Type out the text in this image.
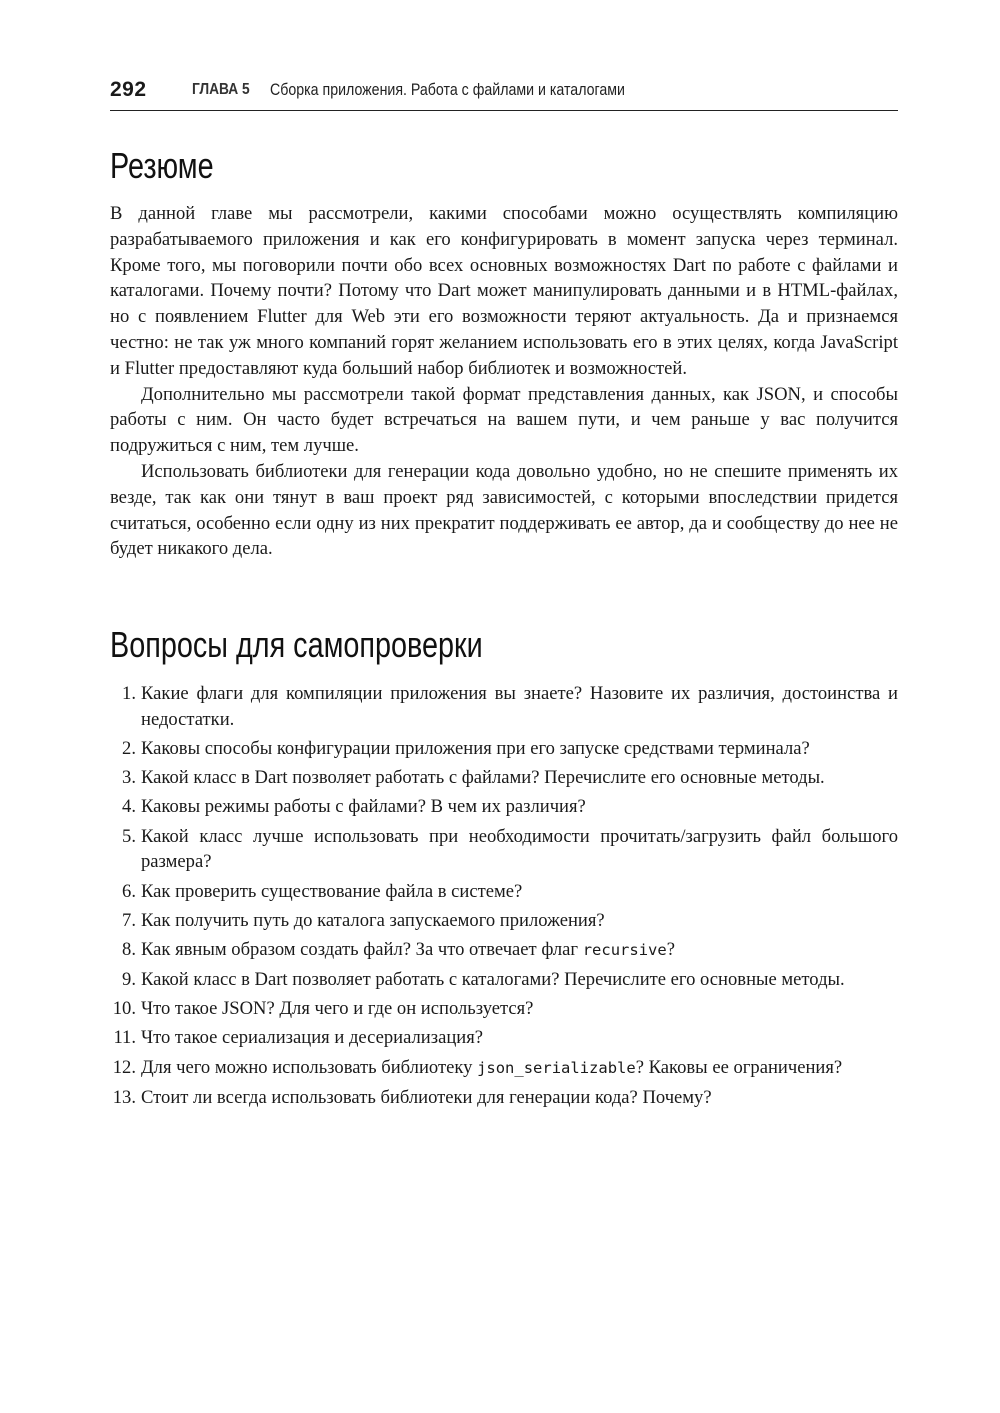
292	ГЛАВА 5 Сборка приложения. Работа с файлами и каталогами
Резюме

В данной главе мы рассмотрели, какими способами можно осуществлять компиляцию разрабатываемого приложения и как его конфигурировать в момент запуска через терминал. Кроме того, мы поговорили почти обо всех основных возможностях Dart по работе с файлами и каталогами. Почему почти? Потому что Dart может манипулировать данными и в HTML-файлах, но с появлением Flutter для Web эти его возможности теряют актуальность. Да и признаемся честно: не так уж много компаний горят желанием использовать его в этих целях, когда JavaScript и Flutter предоставляют куда больший набор библиотек и возможностей.

Дополнительно мы рассмотрели такой формат представления данных, как JSON, и способы работы с ним. Он часто будет встречаться на вашем пути, и чем раньше у вас получится подружиться с ним, тем лучше.

Использовать библиотеки для генерации кода довольно удобно, но не спешите применять их везде, так как они тянут в ваш проект ряд зависимостей, с которыми впоследствии придется считаться, особенно если одну из них прекратит поддерживать ее автор, да и сообществу до нее не будет никакого дела.

Вопросы для самопроверки
1. Какие флаги для компиляции приложения вы знаете? Назовите их различия, достоинства и недостатки.
2. Каковы способы конфигурации приложения при его запуске средствами терминала?
3. Какой класс в Dart позволяет работать с файлами? Перечислите его основные методы.
4. Каковы режимы работы с файлами? В чем их различия?
5. Какой класс лучше использовать при необходимости прочитать/загрузить файл большого размера?
6. Как проверить существование файла в системе?
7. Как получить путь до каталога запускаемого приложения?
8. Как явным образом создать файл? За что отвечает флаг recursive?
9. Какой класс в Dart позволяет работать с каталогами? Перечислите его основные методы.
10. Что такое JSON? Для чего и где он используется?
11. Что такое сериализация и десериализация?
12. Для чего можно использовать библиотеку json_serializable? Каковы ее ограничения?
13. Стоит ли всегда использовать библиотеки для генерации кода? Почему?
